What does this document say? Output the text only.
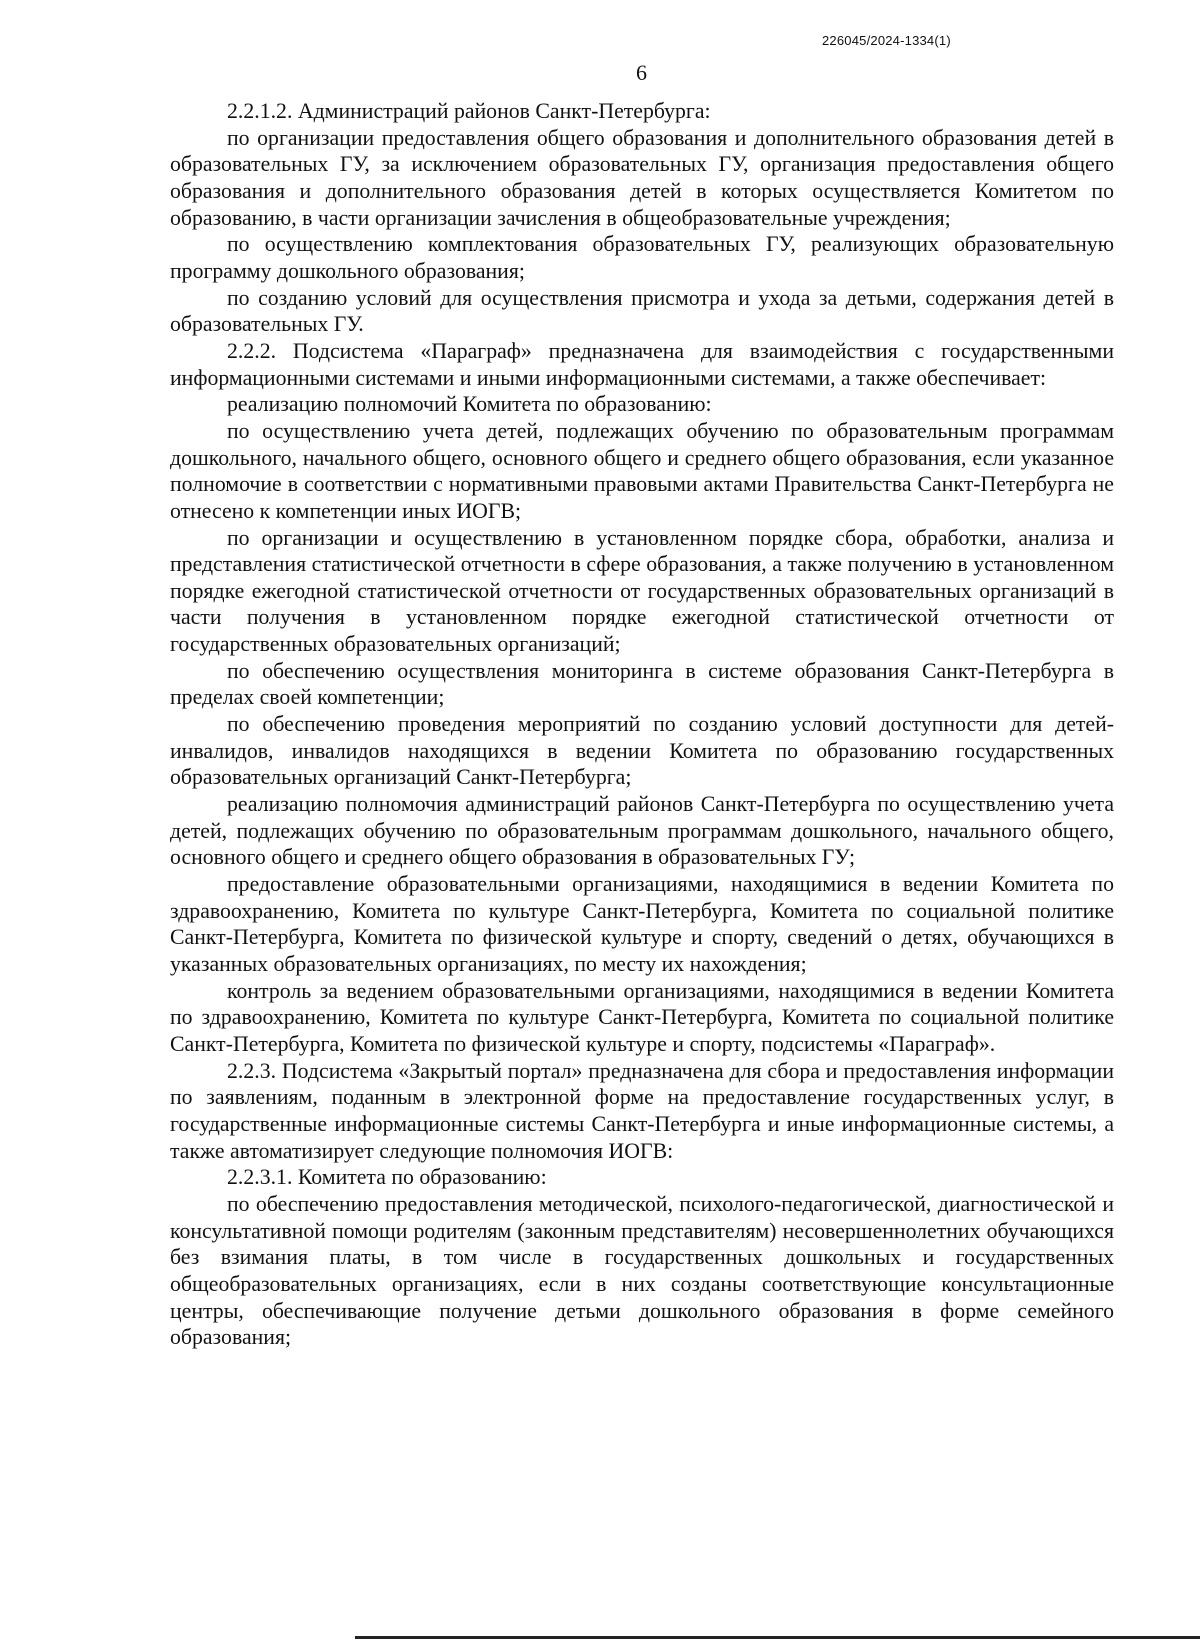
226045/2024-1334(1)
6

2.2.1.2. Администраций районов Санкт-Петербурга:

по организации предоставления общего образования и дополнительного образования детей в образовательных ГУ, за исключением образовательных ГУ, организация предоставления общего образования и дополнительного образования детей в которых осуществляется Комитетом по образованию, в части организации зачисления в общеобразовательные учреждения;

по осуществлению комплектования образовательных ГУ, реализующих образовательную программу дошкольного образования;

по созданию условий для осуществления присмотра и ухода за детьми, содержания детей в образовательных ГУ.

2.2.2. Подсистема «Параграф» предназначена для взаимодействия с государственными информационными системами и иными информационными системами, а также обеспечивает:

реализацию полномочий Комитета по образованию:

по осуществлению учета детей, подлежащих обучению по образовательным программам дошкольного, начального общего, основного общего и среднего общего образования, если указанное полномочие в соответствии с нормативными правовыми актами Правительства Санкт-Петербурга не отнесено к компетенции иных ИОГВ;

по организации и осуществлению в установленном порядке сбора, обработки, анализа и представления статистической отчетности в сфере образования, а также получению в установленном порядке ежегодной статистической отчетности от государственных образовательных организаций в части получения в установленном порядке ежегодной статистической отчетности от государственных образовательных организаций;

по обеспечению осуществления мониторинга в системе образования Санкт-Петербурга в пределах своей компетенции;

по обеспечению проведения мероприятий по созданию условий доступности для детей-инвалидов, инвалидов находящихся в ведении Комитета по образованию государственных образовательных организаций Санкт-Петербурга;

реализацию полномочия администраций районов Санкт-Петербурга по осуществлению учета детей, подлежащих обучению по образовательным программам дошкольного, начального общего, основного общего и среднего общего образования в образовательных ГУ;

предоставление образовательными организациями, находящимися в ведении Комитета по здравоохранению, Комитета по культуре Санкт-Петербурга, Комитета по социальной политике Санкт-Петербурга, Комитета по физической культуре и спорту, сведений о детях, обучающихся в указанных образовательных организациях, по месту их нахождения;

контроль за ведением образовательными организациями, находящимися в ведении Комитета по здравоохранению, Комитета по культуре Санкт-Петербурга, Комитета по социальной политике Санкт-Петербурга, Комитета по физической культуре и спорту, подсистемы «Параграф».

2.2.3. Подсистема «Закрытый портал» предназначена для сбора и предоставления информации по заявлениям, поданным в электронной форме на предоставление государственных услуг, в государственные информационные системы Санкт-Петербурга и иные информационные системы, а также автоматизирует следующие полномочия ИОГВ:

2.2.3.1. Комитета по образованию:

по обеспечению предоставления методической, психолого-педагогической, диагностической и консультативной помощи родителям (законным представителям) несовершеннолетних обучающихся без взимания платы, в том числе в государственных дошкольных и государственных общеобразовательных организациях, если в них созданы соответствующие консультационные центры, обеспечивающие получение детьми дошкольного образования в форме семейного образования;
